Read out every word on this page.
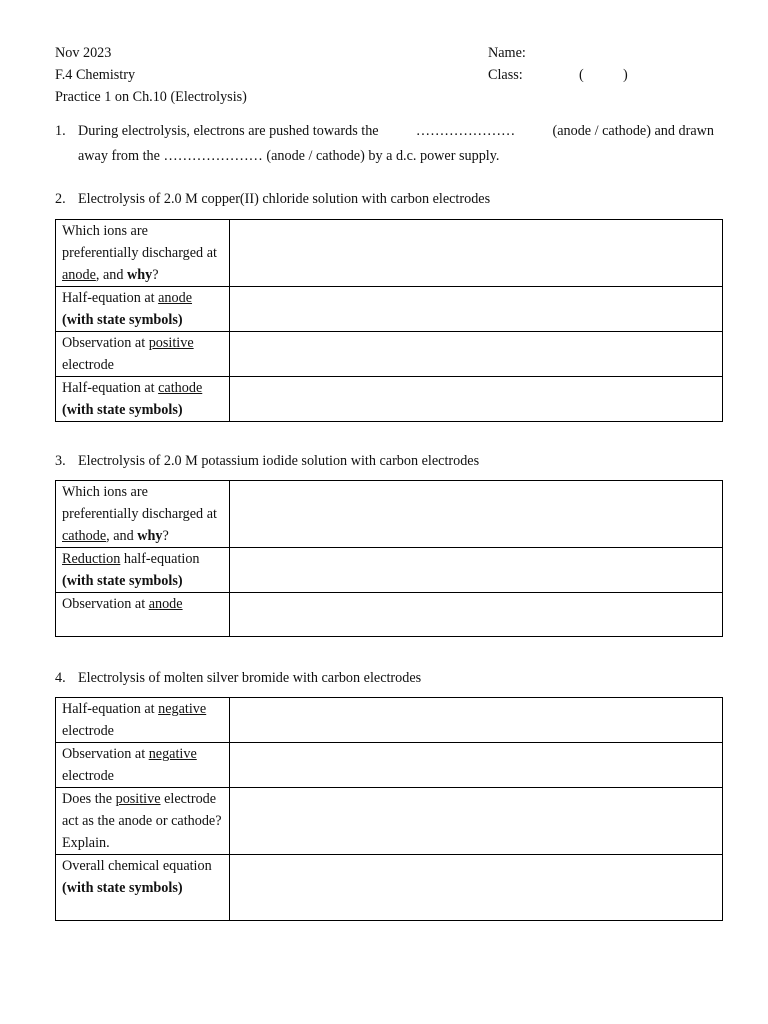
Nov 2023
F.4 Chemistry
Practice 1 on Ch.10 (Electrolysis)
Name:
Class:	(	)
1. During electrolysis, electrons are pushed towards the	…………………	(anode / cathode) and drawn
away from the ………………… (anode / cathode) by a d.c. power supply.
2. Electrolysis of 2.0 M copper(II) chloride solution with carbon electrodes
Which ions are preferentially discharged at anode, and why?	
Half-equation at anode
(with state symbols)	
Observation at positive electrode	
Half-equation at cathode
(with state symbols)	
3. Electrolysis of 2.0 M potassium iodide solution with carbon electrodes
Which ions are preferentially discharged at cathode, and why?	
Reduction half-equation
(with state symbols)	
Observation at anode	
4. Electrolysis of molten silver bromide with carbon electrodes
Half-equation at negative electrode	
Observation at negative electrode	
Does the positive electrode act as the anode or cathode? Explain.	
Overall chemical equation (with state symbols)	
